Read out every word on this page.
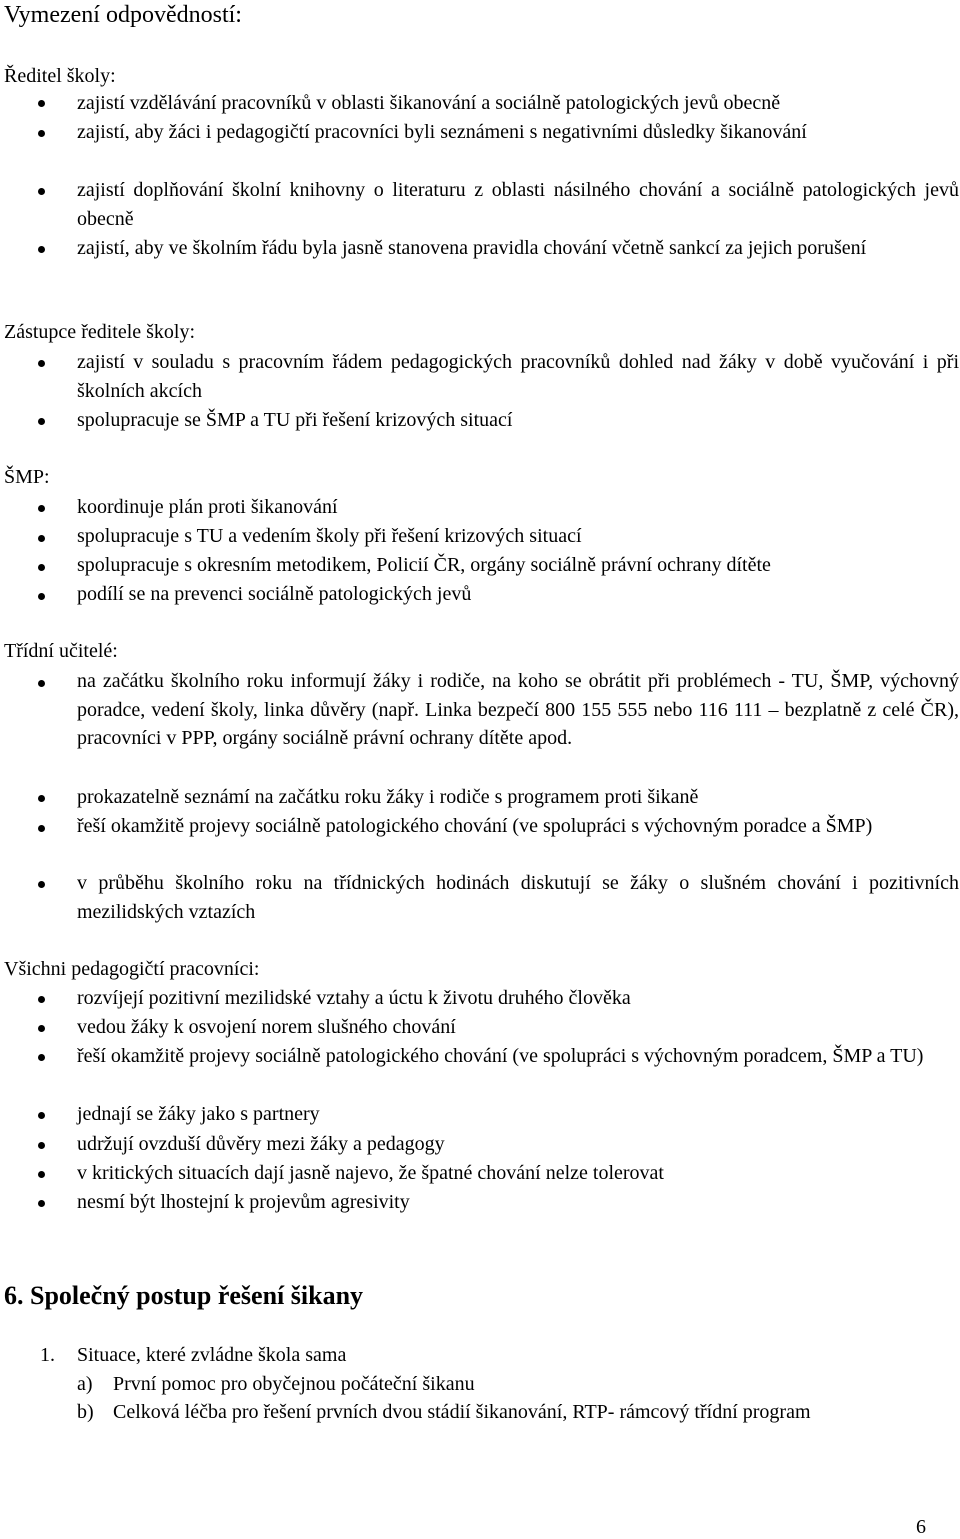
Vymezení odpovědností:
Ředitel školy:
zajistí vzdělávání pracovníků v oblasti šikanování a sociálně patologických jevů obecně
zajistí, aby žáci i pedagogičtí pracovníci byli seznámeni s negativními důsledky šikanování
zajistí doplňování školní knihovny o literaturu z oblasti násilného chování a sociálně patologických jevů obecně
zajistí, aby ve školním řádu byla jasně stanovena pravidla chování včetně sankcí za jejich porušení
Zástupce ředitele školy:
zajistí v souladu s pracovním řádem pedagogických pracovníků dohled nad žáky v době vyučování i při školních akcích
spolupracuje se ŠMP a TU při řešení krizových situací
ŠMP:
koordinuje plán proti šikanování
spolupracuje s TU a vedením školy při řešení krizových situací
spolupracuje s okresním metodikem, Policií ČR, orgány sociálně právní ochrany dítěte
podílí se na prevenci sociálně patologických jevů
Třídní učitelé:
na začátku školního roku informují žáky i rodiče, na koho se obrátit při problémech - TU, ŠMP, výchovný poradce, vedení školy, linka důvěry (např. Linka bezpečí 800 155 555 nebo 116 111 – bezplatně z celé ČR), pracovníci v PPP, orgány sociálně právní ochrany dítěte apod.
prokazatelně seznámí na začátku roku žáky i rodiče s programem proti šikaně
řeší okamžitě projevy sociálně patologického chování (ve spolupráci s výchovným poradce a ŠMP)
v průběhu školního roku na třídnických hodinách diskutují se žáky o slušném chování i pozitivních mezilidských vztazích
Všichni pedagogičtí pracovníci:
rozvíjejí pozitivní mezilidské vztahy a úctu k životu druhého člověka
vedou žáky k osvojení norem slušného chování
řeší okamžitě projevy sociálně patologického chování (ve spolupráci s výchovným poradcem, ŠMP a TU)
jednají se žáky jako s partnery
udržují ovzduší důvěry mezi žáky a pedagogy
v kritických situacích dají jasně najevo, že špatné chování nelze tolerovat
nesmí být lhostejní k projevům agresivity
6. Společný postup řešení šikany
1. Situace, které zvládne škola sama
a) První pomoc pro obyčejnou počáteční šikanu
b) Celková léčba pro řešení prvních dvou stádií šikanování, RTP- rámcový třídní program
6
